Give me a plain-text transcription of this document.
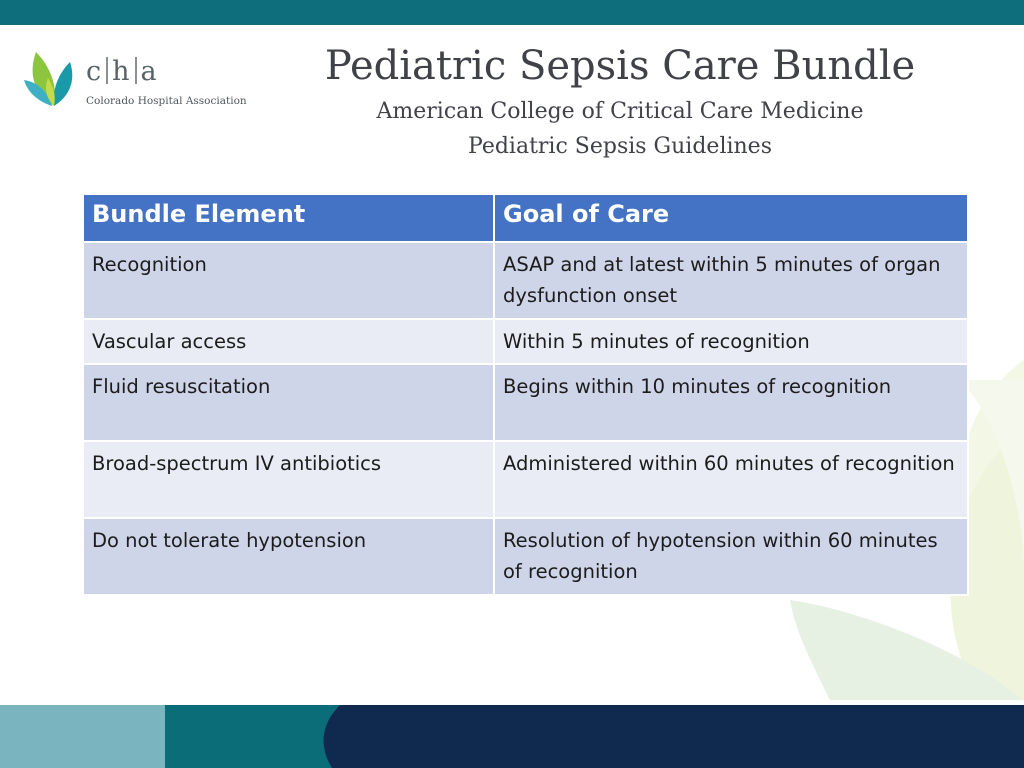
c h a
Colorado Hospital Association
Pediatric Sepsis Care Bundle
American College of Critical Care Medicine
Pediatric Sepsis Guidelines
Bundle Element	Goal of Care
Recognition	ASAP and at latest within 5 minutes of organ dysfunction onset
Vascular access	Within 5 minutes of recognition
Fluid resuscitation	Begins within 10 minutes of recognition
Broad-spectrum IV antibiotics	Administered within 60 minutes of recognition
Do not tolerate hypotension	Resolution of hypotension within 60 minutes of recognition
